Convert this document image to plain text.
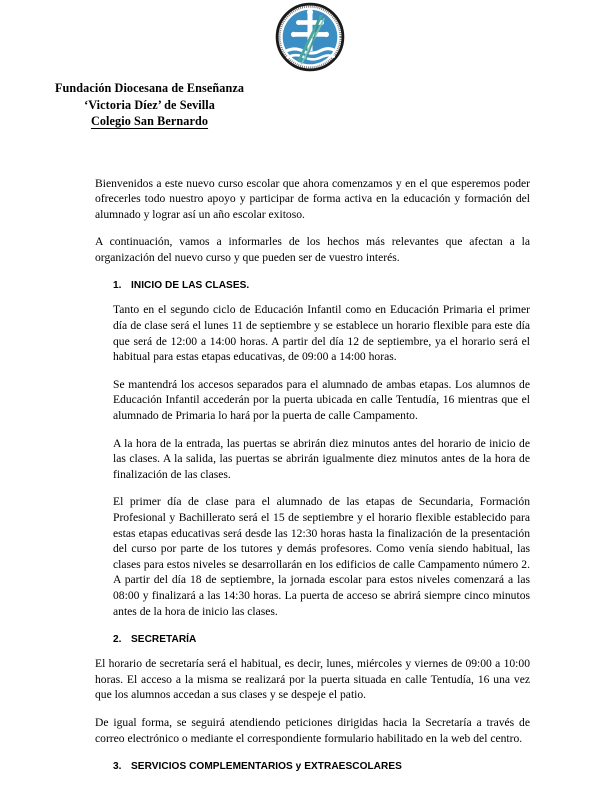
Fundación Diocesana de Enseñanza
‘Victoria Díez’ de Sevilla
Colegio San Bernardo

Bienvenidos a este nuevo curso escolar que ahora comenzamos y en el que esperemos poder ofrecerles todo nuestro apoyo y participar de forma activa en la educación y formación del alumnado y lograr así un año escolar exitoso.

A continuación, vamos a informarles de los hechos más relevantes que afectan a la organización del nuevo curso y que pueden ser de vuestro interés.

1. INICIO DE LAS CLASES.

Tanto en el segundo ciclo de Educación Infantil como en Educación Primaria el primer día de clase será el lunes 11 de septiembre y se establece un horario flexible para este día que será de 12:00 a 14:00 horas. A partir del día 12 de septiembre, ya el horario será el habitual para estas etapas educativas, de 09:00 a 14:00 horas.

Se mantendrá los accesos separados para el alumnado de ambas etapas. Los alumnos de Educación Infantil accederán por la puerta ubicada en calle Tentudía, 16 mientras que el alumnado de Primaria lo hará por la puerta de calle Campamento.

A la hora de la entrada, las puertas se abrirán diez minutos antes del horario de inicio de las clases. A la salida, las puertas se abrirán igualmente diez minutos antes de la hora de finalización de las clases.

El primer día de clase para el alumnado de las etapas de Secundaria, Formación Profesional y Bachillerato será el 15 de septiembre y el horario flexible establecido para estas etapas educativas será desde las 12:30 horas hasta la finalización de la presentación del curso por parte de los tutores y demás profesores. Como venía siendo habitual, las clases para estos niveles se desarrollarán en los edificios de calle Campamento número 2. A partir del día 18 de septiembre, la jornada escolar para estos niveles comenzará a las 08:00 y finalizará a las 14:30 horas. La puerta de acceso se abrirá siempre cinco minutos antes de la hora de inicio las clases.

2. SECRETARÍA

El horario de secretaría será el habitual, es decir, lunes, miércoles y viernes de 09:00 a 10:00 horas. El acceso a la misma se realizará por la puerta situada en calle Tentudía, 16 una vez que los alumnos accedan a sus clases y se despeje el patio.

De igual forma, se seguirá atendiendo peticiones dirigidas hacia la Secretaría a través de correo electrónico o mediante el correspondiente formulario habilitado en la web del centro.

3. SERVICIOS COMPLEMENTARIOS y EXTRAESCOLARES
